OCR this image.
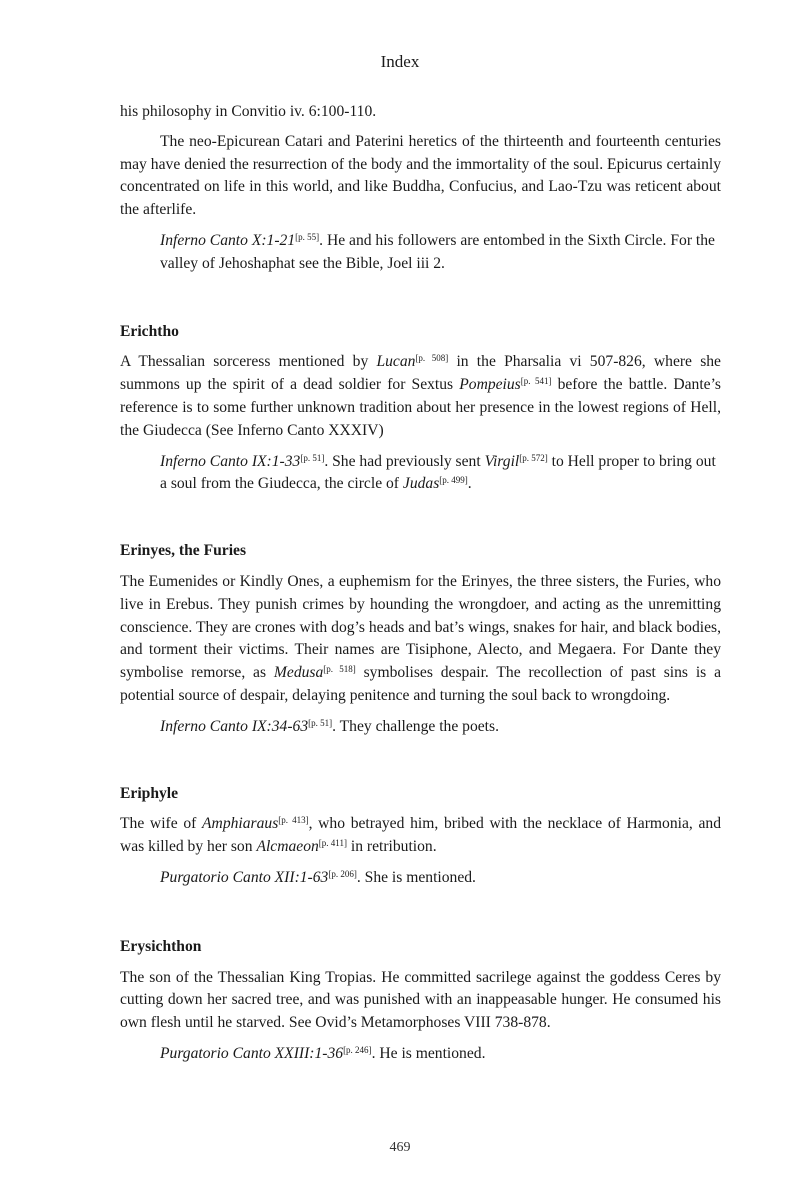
Index

his philosophy in Convitio iv. 6:100-110.

The neo-Epicurean Catari and Paterini heretics of the thirteenth and fourteenth centuries may have denied the resurrection of the body and the immortality of the soul. Epicurus certainly concentrated on life in this world, and like Buddha, Confucius, and Lao-Tzu was reticent about the afterlife.

Inferno Canto X:1-21[p. 55]. He and his followers are entombed in the Sixth Circle. For the valley of Jehoshaphat see the Bible, Joel iii 2.

Erichtho

A Thessalian sorceress mentioned by Lucan[p. 508] in the Pharsalia vi 507-826, where she summons up the spirit of a dead soldier for Sextus Pompeius[p. 541] before the battle. Dante’s reference is to some further unknown tradition about her presence in the lowest regions of Hell, the Giudecca (See Inferno Canto XXXIV)

Inferno Canto IX:1-33[p. 51]. She had previously sent Virgil[p. 572] to Hell proper to bring out a soul from the Giudecca, the circle of Judas[p. 499].

Erinyes, the Furies

The Eumenides or Kindly Ones, a euphemism for the Erinyes, the three sisters, the Furies, who live in Erebus. They punish crimes by hounding the wrongdoer, and acting as the unremitting conscience. They are crones with dog’s heads and bat’s wings, snakes for hair, and black bodies, and torment their victims. Their names are Tisiphone, Alecto, and Megaera. For Dante they symbolise remorse, as Medusa[p. 518] symbolises despair. The recollection of past sins is a potential source of despair, delaying penitence and turning the soul back to wrongdoing.

Inferno Canto IX:34-63[p. 51]. They challenge the poets.

Eriphyle

The wife of Amphiaraus[p. 413], who betrayed him, bribed with the necklace of Harmonia, and was killed by her son Alcmaeon[p. 411] in retribution.

Purgatorio Canto XII:1-63[p. 206]. She is mentioned.

Erysichthon

The son of the Thessalian King Tropias. He committed sacrilege against the goddess Ceres by cutting down her sacred tree, and was punished with an inappeasable hunger. He consumed his own flesh until he starved. See Ovid’s Metamorphoses VIII 738-878.

Purgatorio Canto XXIII:1-36[p. 246]. He is mentioned.

469
